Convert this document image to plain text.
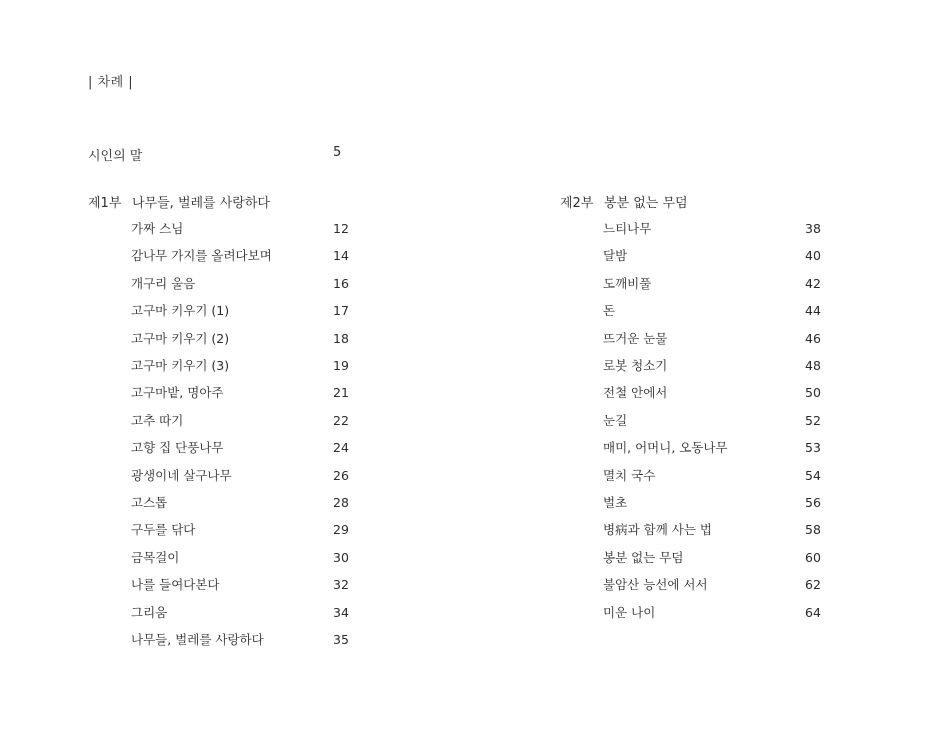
| 차례 |
시인의 말	5
제1부 나무들, 벌레를 사랑하다	제2부 봉분 없는 무덤
가짜 스님	12
감나무 가지를 올려다보며	14
개구리 울음	16
고구마 키우기 (1)	17
고구마 키우기 (2)	18
고구마 키우기 (3)	19
고구마밭, 명아주	21
고추 따기	22
고향 집 단풍나무	24
광생이네 살구나무	26
고스톱	28
구두를 닦다	29
금목걸이	30
나를 들여다본다	32
그리움	34
나무들, 벌레를 사랑하다	35
느티나무	38
달밤	40
도깨비풀	42
돈	44
뜨거운 눈물	46
로봇 청소기	48
전철 안에서	50
눈길	52
매미, 어머니, 오동나무	53
멸치 국수	54
벌초	56
병病과 함께 사는 법	58
봉분 없는 무덤	60
불암산 능선에 서서	62
미운 나이	64
